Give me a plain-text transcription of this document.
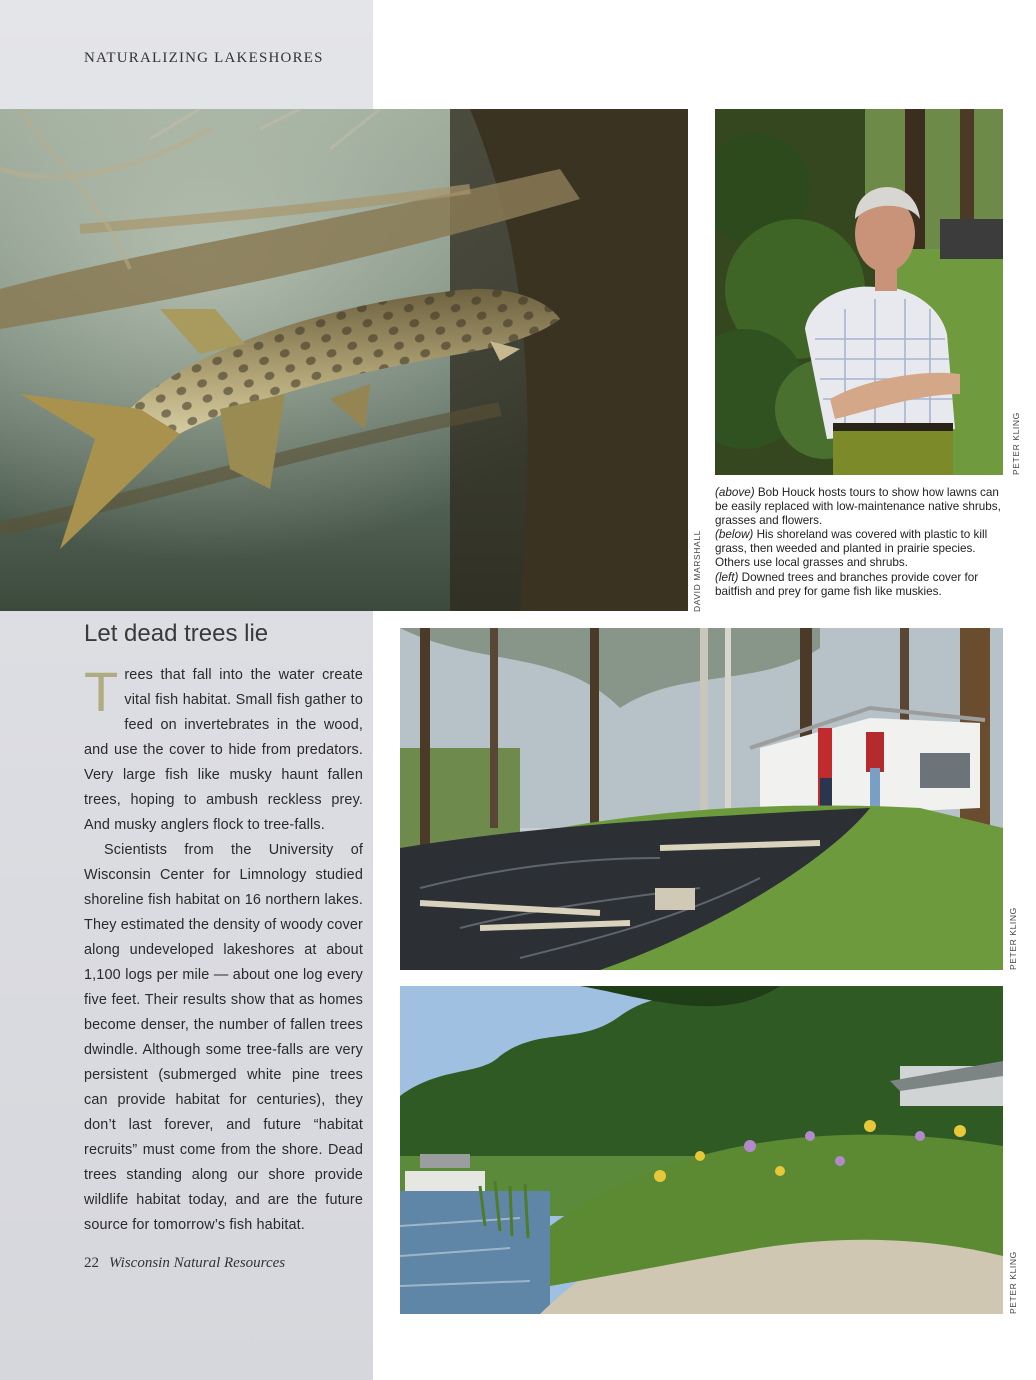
NATURALIZING LAKESHORES
DAVID MARSHALL
PETER KLING

(above) Bob Houck hosts tours to show how lawns can be easily replaced with low-maintenance native shrubs, grasses and flowers.

(below) His shoreland was covered with plastic to kill grass, then weeded and planted in prairie species. Others use local grasses and shrubs.

(left) Downed trees and branches provide cover for baitfish and prey for game fish like muskies.

PETER KLING
PETER KLING
Let dead trees lie

Trees that fall into the water create vital fish habitat. Small fish gather to feed on invertebrates in the wood, and use the cover to hide from predators. Very large fish like musky haunt fallen trees, hoping to ambush reckless prey. And musky anglers flock to tree-falls.

Scientists from the University of Wisconsin Center for Limnology studied shoreline fish habitat on 16 northern lakes. They estimated the density of woody cover along undeveloped lakeshores at about 1,100 logs per mile — about one log every five feet. Their results show that as homes become denser, the number of fallen trees dwindle. Although some tree-falls are very persistent (submerged white pine trees can provide habitat for centuries), they don’t last forever, and future “habitat recruits” must come from the shore. Dead trees standing along our shore provide wildlife habitat today, and are the future source for tomorrow’s fish habitat.

22 Wisconsin Natural Resources
